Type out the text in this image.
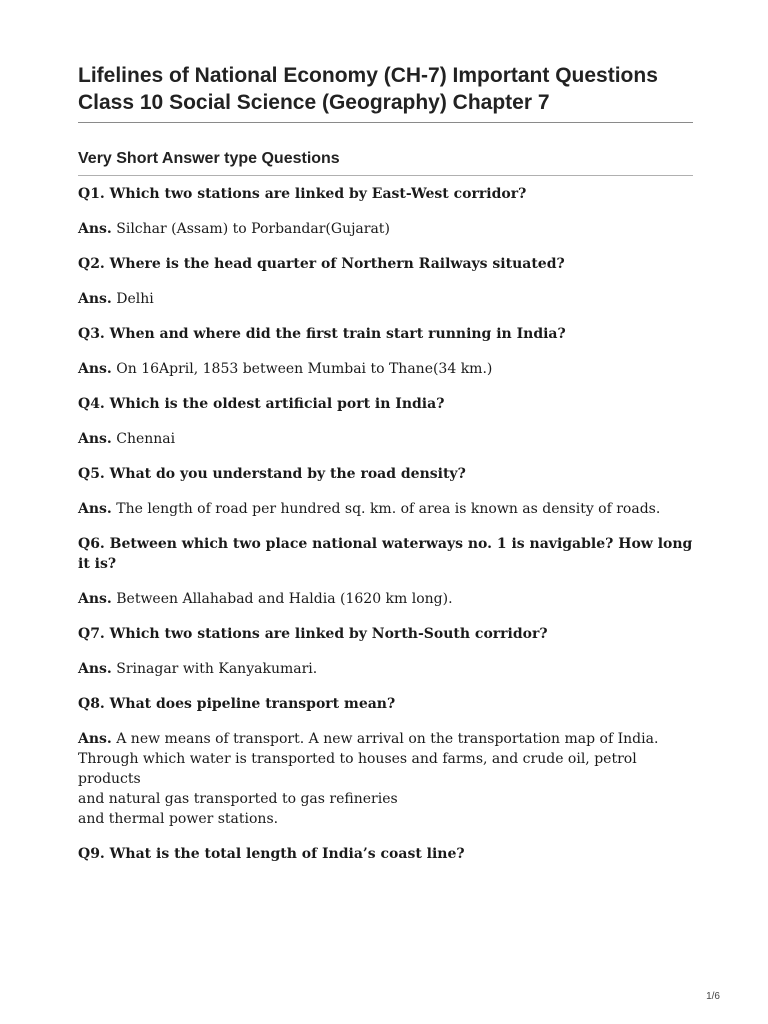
Lifelines of National Economy (CH-7) Important Questions Class 10 Social Science (Geography) Chapter 7
Very Short Answer type Questions

Q1. Which two stations are linked by East-West corridor?

Ans. Silchar (Assam) to Porbandar(Gujarat)

Q2. Where is the head quarter of Northern Railways situated?

Ans. Delhi

Q3. When and where did the first train start running in India?

Ans. On 16April, 1853 between Mumbai to Thane(34 km.)

Q4. Which is the oldest artificial port in India?

Ans. Chennai

Q5. What do you understand by the road density?

Ans. The length of road per hundred sq. km. of area is known as density of roads.

Q6. Between which two place national waterways no. 1 is navigable? How long it is?

Ans. Between Allahabad and Haldia (1620 km long).

Q7. Which two stations are linked by North-South corridor?

Ans. Srinagar with Kanyakumari.

Q8. What does pipeline transport mean?

Ans. A new means of transport. A new arrival on the transportation map of India.
Through which water is transported to houses and farms, and crude oil, petrol products
and natural gas transported to gas refineries
and thermal power stations.

Q9. What is the total length of India’s coast line?

1/6
